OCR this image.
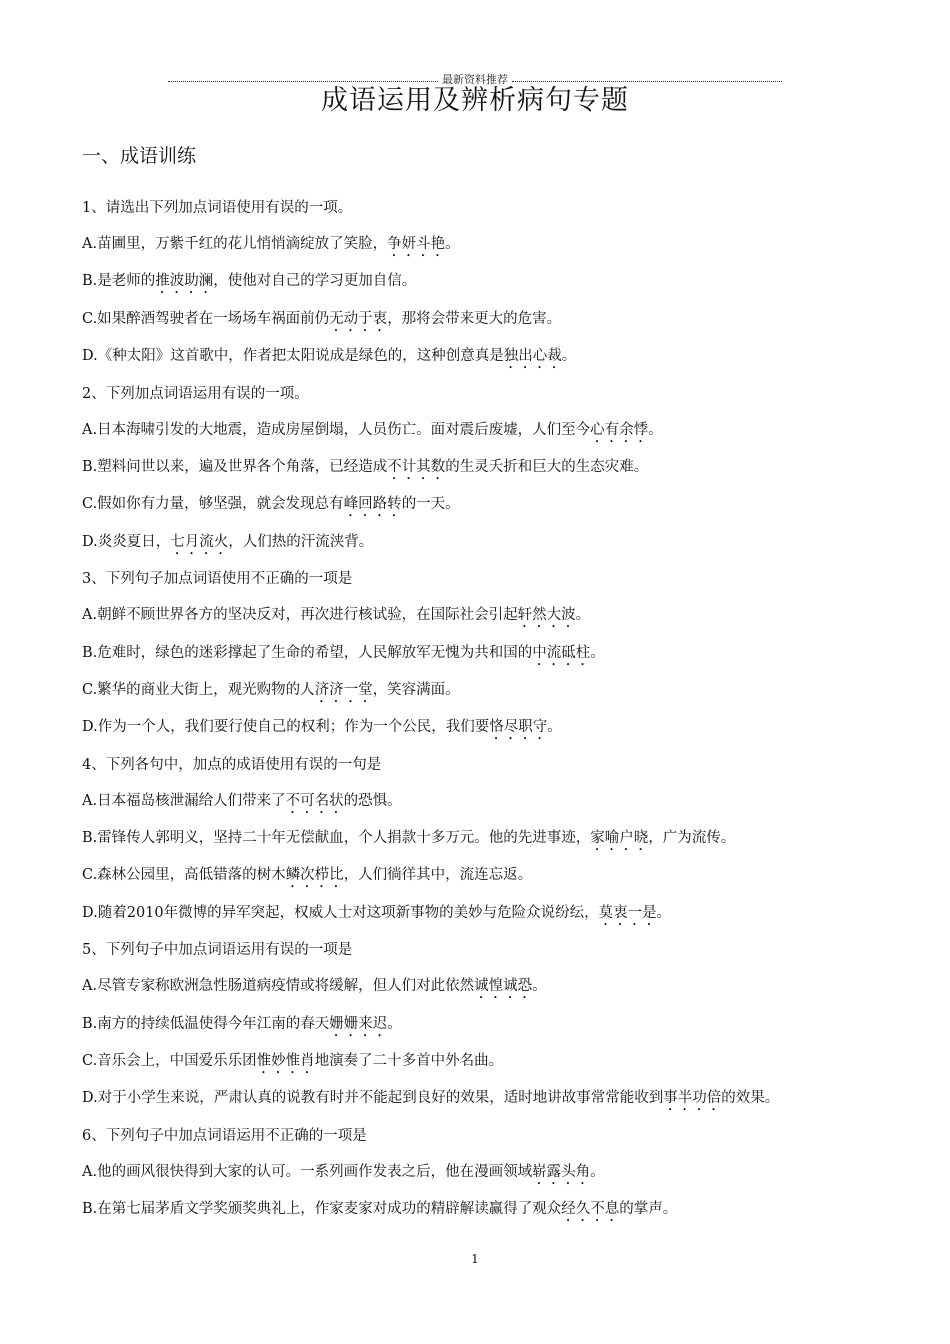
最新资料推荐
成语运用及辨析病句专题
一、成语训练
1、请选出下列加点词语使用有误的一项。
A.苗圃里，万紫千红的花儿悄悄滴绽放了笑脸，争妍斗艳。
B.是老师的推波助澜，使他对自己的学习更加自信。
C.如果醉酒驾驶者在一场场车祸面前仍无动于衷，那将会带来更大的危害。
D.《种太阳》这首歌中，作者把太阳说成是绿色的，这种创意真是独出心裁。
2、下列加点词语运用有误的一项。
A.日本海啸引发的大地震，造成房屋倒塌，人员伤亡。面对震后废墟，人们至今心有余悸。
B.塑料问世以来，遍及世界各个角落，已经造成不计其数的生灵夭折和巨大的生态灾难。
C.假如你有力量，够坚强，就会发现总有峰回路转的一天。
D.炎炎夏日，七月流火，人们热的汗流浃背。
3、下列句子加点词语使用不正确的一项是
A.朝鲜不顾世界各方的坚决反对，再次进行核试验，在国际社会引起轩然大波。
B.危难时，绿色的迷彩撑起了生命的希望，人民解放军无愧为共和国的中流砥柱。
C.繁华的商业大街上，观光购物的人济济一堂，笑容满面。
D.作为一个人，我们要行使自己的权利；作为一个公民，我们要恪尽职守。
4、下列各句中，加点的成语使用有误的一句是
A.日本福岛核泄漏给人们带来了不可名状的恐惧。
B.雷锋传人郭明义，坚持二十年无偿献血，个人捐款十多万元。他的先进事迹，家喻户晓，广为流传。
C.森林公园里，高低错落的树木鳞次栉比，人们徜徉其中，流连忘返。
D.随着2010年微博的异军突起，权威人士对这项新事物的美妙与危险众说纷纭，莫衷一是。
5、下列句子中加点词语运用有误的一项是
A.尽管专家称欧洲急性肠道病疫情或将缓解，但人们对此依然诚惶诚恐。
B.南方的持续低温使得今年江南的春天姗姗来迟。
C.音乐会上，中国爱乐乐团惟妙惟肖地演奏了二十多首中外名曲。
D.对于小学生来说，严肃认真的说教有时并不能起到良好的效果，适时地讲故事常常能收到事半功倍的效果。
6、下列句子中加点词语运用不正确的一项是
A.他的画风很快得到大家的认可。一系列画作发表之后，他在漫画领域崭露头角。
B.在第七届茅盾文学奖颁奖典礼上，作家麦家对成功的精辟解读赢得了观众经久不息的掌声。
1
